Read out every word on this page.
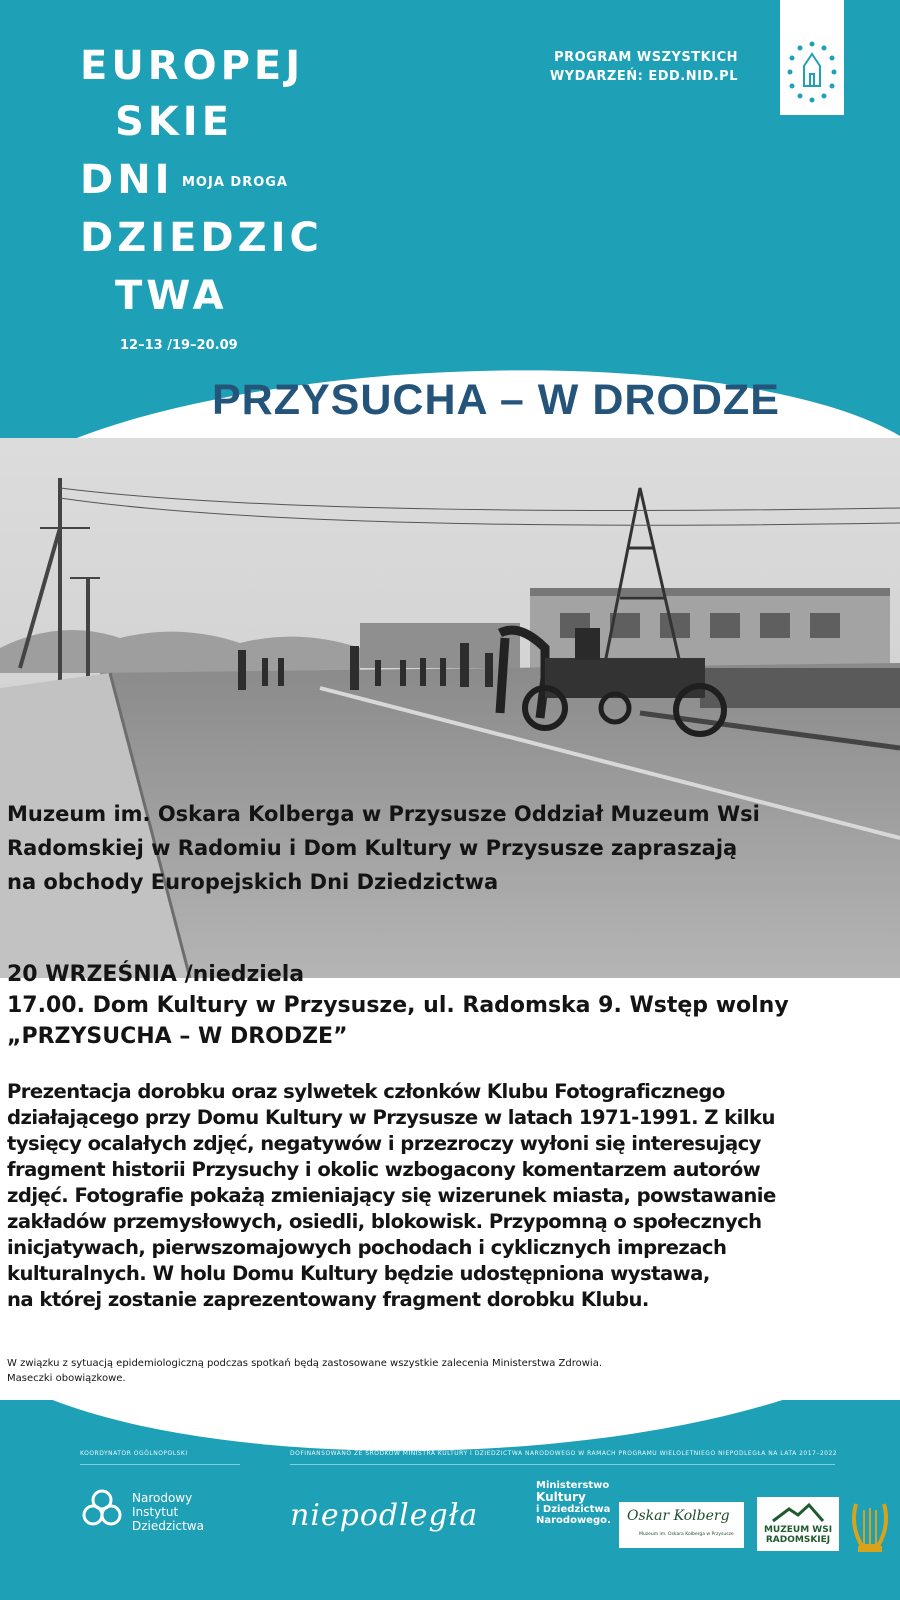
EUROPEJ
SKIE
DNI
DZIEDZIC
TWA
MOJA DROGA
12–13 /19–20.09
PROGRAM WSZYSTKICH
WYDARZEŃ: EDD.NID.PL
PRZYSUCHA – W DRODZE
Muzeum im. Oskara Kolberga w Przysusze Oddział Muzeum Wsi
Radomskiej w Radomiu i Dom Kultury w Przysusze zapraszają
na obchody Europejskich Dni Dziedzictwa
20 WRZEŚNIA /niedziela
17.00. Dom Kultury w Przysusze, ul. Radomska 9. Wstęp wolny
„PRZYSUCHA – W DRODZE”

Prezentacja dorobku oraz sylwetek członków Klubu Fotograficznego

działającego przy Domu Kultury w Przysusze w latach 1971-1991. Z kilku

tysięcy ocalałych zdjęć, negatywów i przezroczy wyłoni się interesujący

fragment historii Przysuchy i okolic wzbogacony komentarzem autorów

zdjęć. Fotografie pokażą zmieniający się wizerunek miasta, powstawanie

zakładów przemysłowych, osiedli, blokowisk. Przypomną o społecznych

inicjatywach, pierwszomajowych pochodach i cyklicznych imprezach

kulturalnych. W holu Domu Kultury będzie udostępniona wystawa,

na której zostanie zaprezentowany fragment dorobku Klubu.

W związku z sytuacją epidemiologiczną podczas spotkań będą zastosowane wszystkie zalecenia Ministerstwa Zdrowia.
Maseczki obowiązkowe.
KOORDYNATOR OGÓLNOPOLSKI	DOFINANSOWANO ZE ŚRODKÓW MINISTRA KULTURY I DZIEDZICTWA NARODOWEGO W RAMACH PROGRAMU WIELOLETNIEGO NIEPODLEGŁA NA LATA 2017–2022
Narodowy
Instytut
Dziedzictwa	niepodległa
Ministerstwo
Kultury
i Dziedzictwa
Narodowego. Oskar Kolberg
Muzeum im. Oskara Kolberga w Przysusze	MUZEUM WSI
RADOMSKIEJ
